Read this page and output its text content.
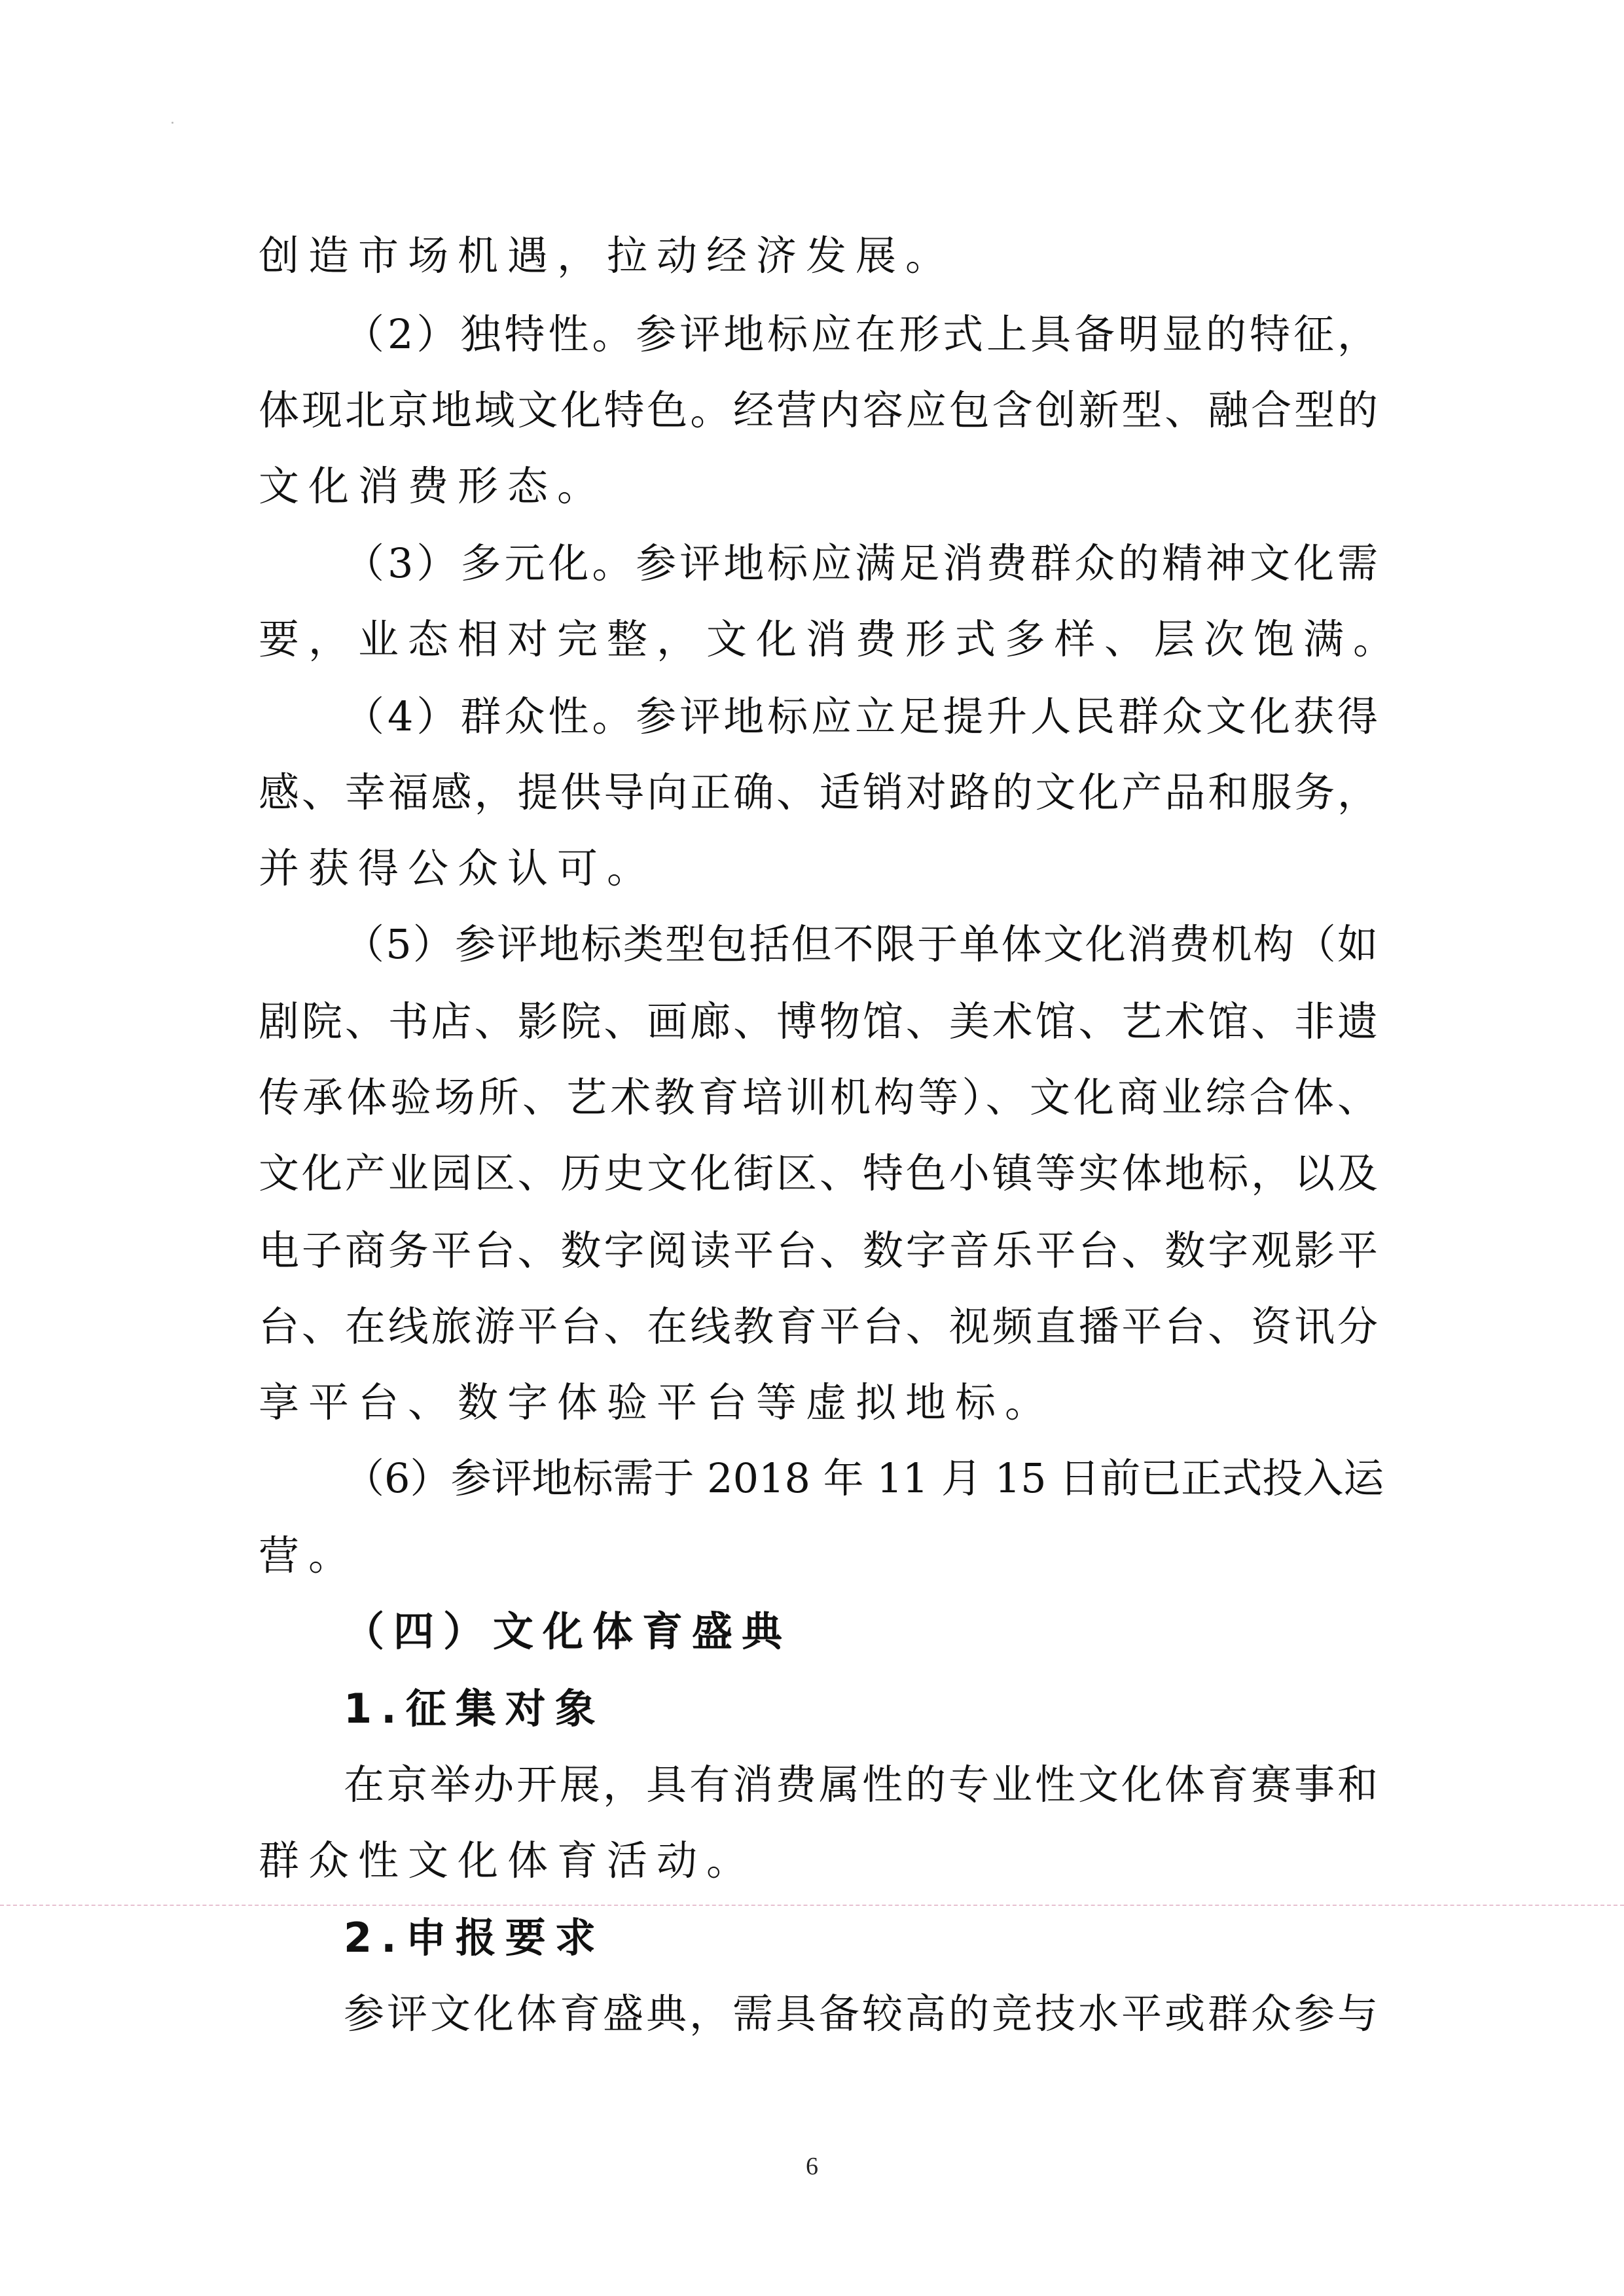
创造市场机遇，拉动经济发展。
（2）独特性。参评地标应在形式上具备明显的特征，
体现北京地域文化特色。经营内容应包含创新型、融合型的
文化消费形态。
（3）多元化。参评地标应满足消费群众的精神文化需
要，业态相对完整，文化消费形式多样、层次饱满。
（4）群众性。参评地标应立足提升人民群众文化获得
感、幸福感，提供导向正确、适销对路的文化产品和服务，
并获得公众认可。
（5）参评地标类型包括但不限于单体文化消费机构（如
剧院、书店、影院、画廊、博物馆、美术馆、艺术馆、非遗
传承体验场所、艺术教育培训机构等）、文化商业综合体、
文化产业园区、历史文化街区、特色小镇等实体地标，以及
电子商务平台、数字阅读平台、数字音乐平台、数字观影平
台、在线旅游平台、在线教育平台、视频直播平台、资讯分
享平台、数字体验平台等虚拟地标。
（6）参评地标需于 2018 年 11 月 15 日前已正式投入运
营。
（四）文化体育盛典
1.征集对象
在京举办开展，具有消费属性的专业性文化体育赛事和
群众性文化体育活动。
2.申报要求
参评文化体育盛典，需具备较高的竞技水平或群众参与
6
